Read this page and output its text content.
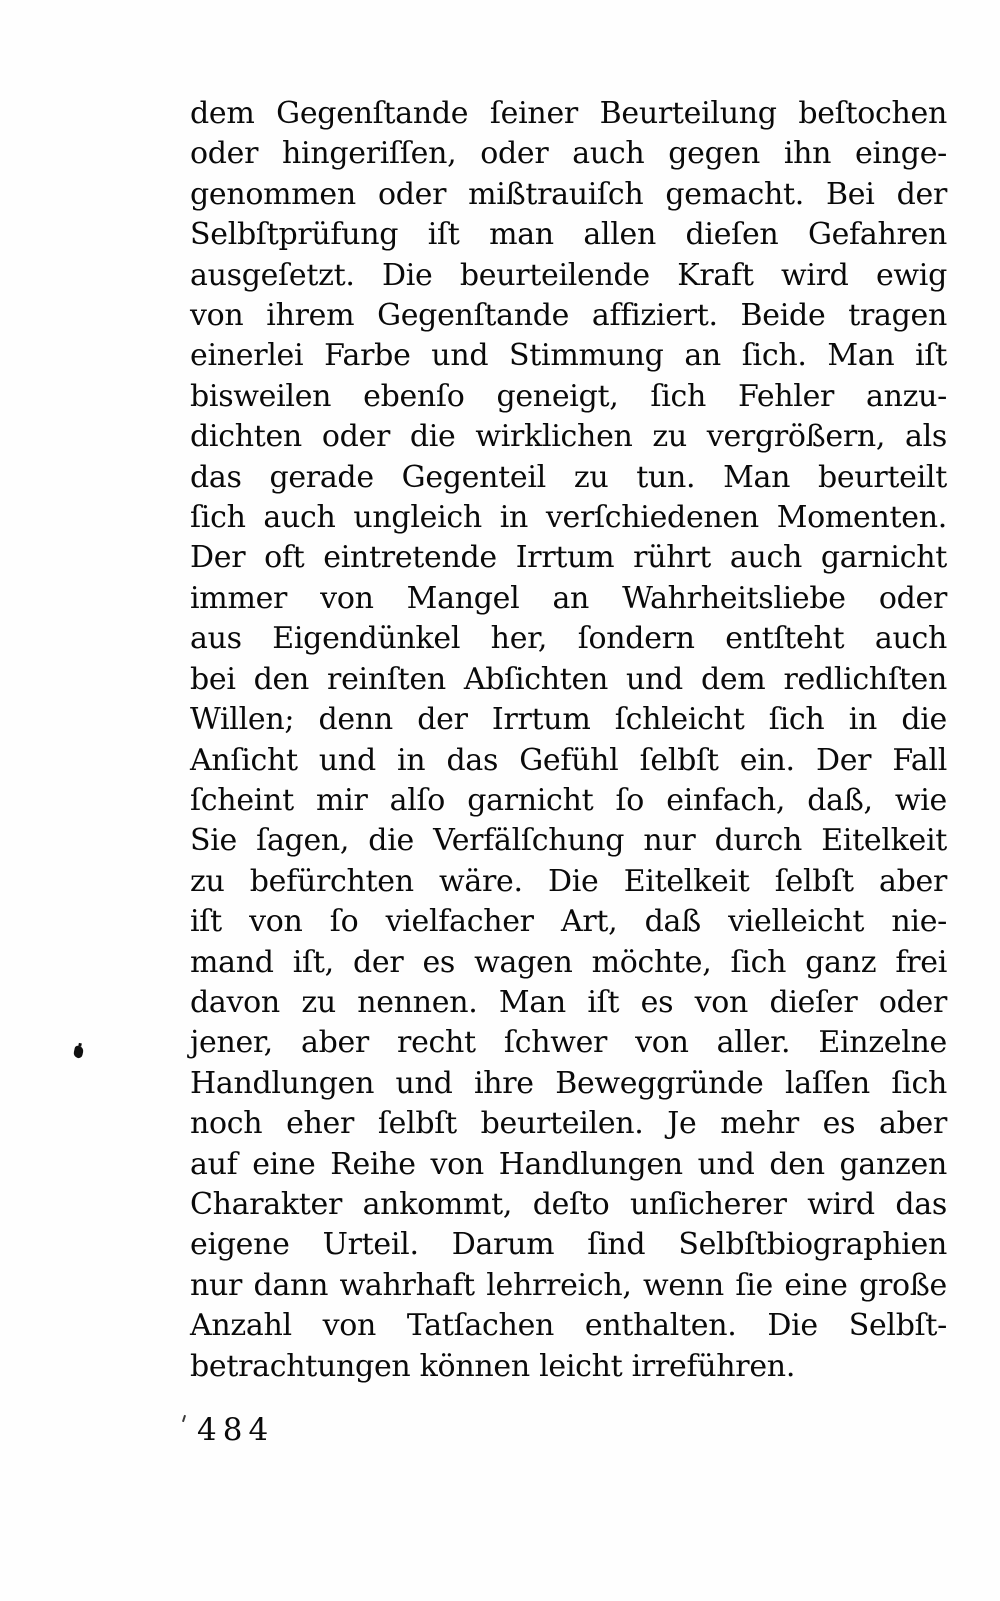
dem Gegenſtande ſeiner Beurteilung beſtochen
oder hingeriſſen, oder auch gegen ihn einge-
genommen oder mißtrauiſch gemacht. Bei der
Selbſtprüfung iſt man allen dieſen Gefahren
ausgeſetzt. Die beurteilende Kraft wird ewig
von ihrem Gegenſtande affiziert. Beide tragen
einerlei Farbe und Stimmung an ſich. Man iſt
bisweilen ebenſo geneigt, ſich Fehler anzu-
dichten oder die wirklichen zu vergrößern, als
das gerade Gegenteil zu tun. Man beurteilt
ſich auch ungleich in verſchiedenen Momenten.
Der oft eintretende Irrtum rührt auch garnicht
immer von Mangel an Wahrheitsliebe oder
aus Eigendünkel her, ſondern entſteht auch
bei den reinſten Abſichten und dem redlichſten
Willen; denn der Irrtum ſchleicht ſich in die
Anſicht und in das Gefühl ſelbſt ein. Der Fall
ſcheint mir alſo garnicht ſo einfach, daß, wie
Sie ſagen, die Verfälſchung nur durch Eitelkeit
zu befürchten wäre. Die Eitelkeit ſelbſt aber
iſt von ſo vielfacher Art, daß vielleicht nie-
mand iſt, der es wagen möchte, ſich ganz frei
davon zu nennen. Man iſt es von dieſer oder
jener, aber recht ſchwer von aller. Einzelne
Handlungen und ihre Beweggründe laſſen ſich
noch eher ſelbſt beurteilen. Je mehr es aber
auf eine Reihe von Handlungen und den ganzen
Charakter ankommt, deſto unſicherer wird das
eigene Urteil. Darum ſind Selbſtbiographien
nur dann wahrhaft lehrreich, wenn ſie eine große
Anzahl von Tatſachen enthalten. Die Selbſt-
betrachtungen können leicht irreführen.
484
